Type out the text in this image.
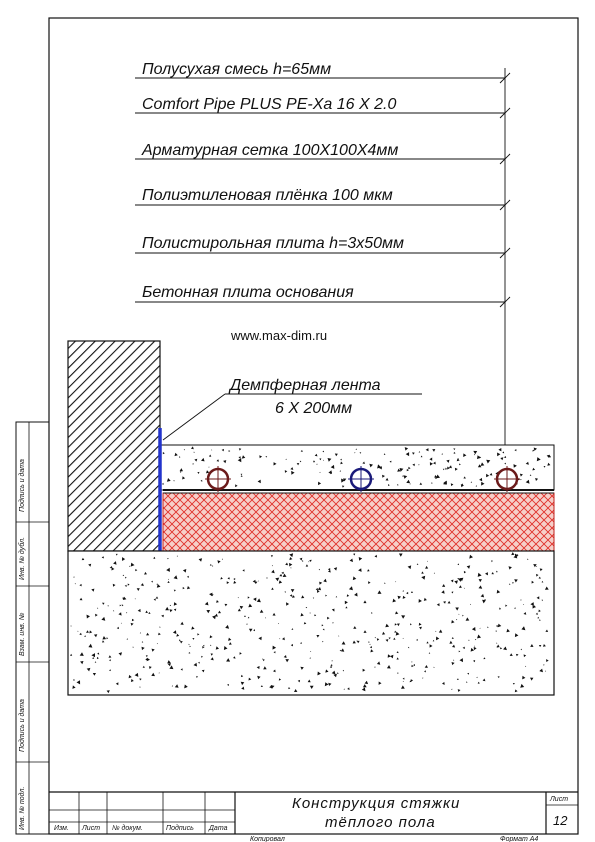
Подпись и дата
Инв. № дубл.
Взам. инв. №
Подпись и дата
Инв. № подл.
Полусухая смесь h=65мм
Comfort Pipe PLUS PE-Xa 16 X 2.0
Арматурная сетка 100Х100Х4мм
Полиэтиленовая плёнка 100 мкм
Полистирольная плита h=3x50мм
Бетонная плита основания
www.max-dim.ru
Демпферная лента
6 Х 200мм
Изм. Лист № докум.	Подпись Дата
Конструкция стяжки
тёплого пола
Лист
12
Копировал	Формат А4
